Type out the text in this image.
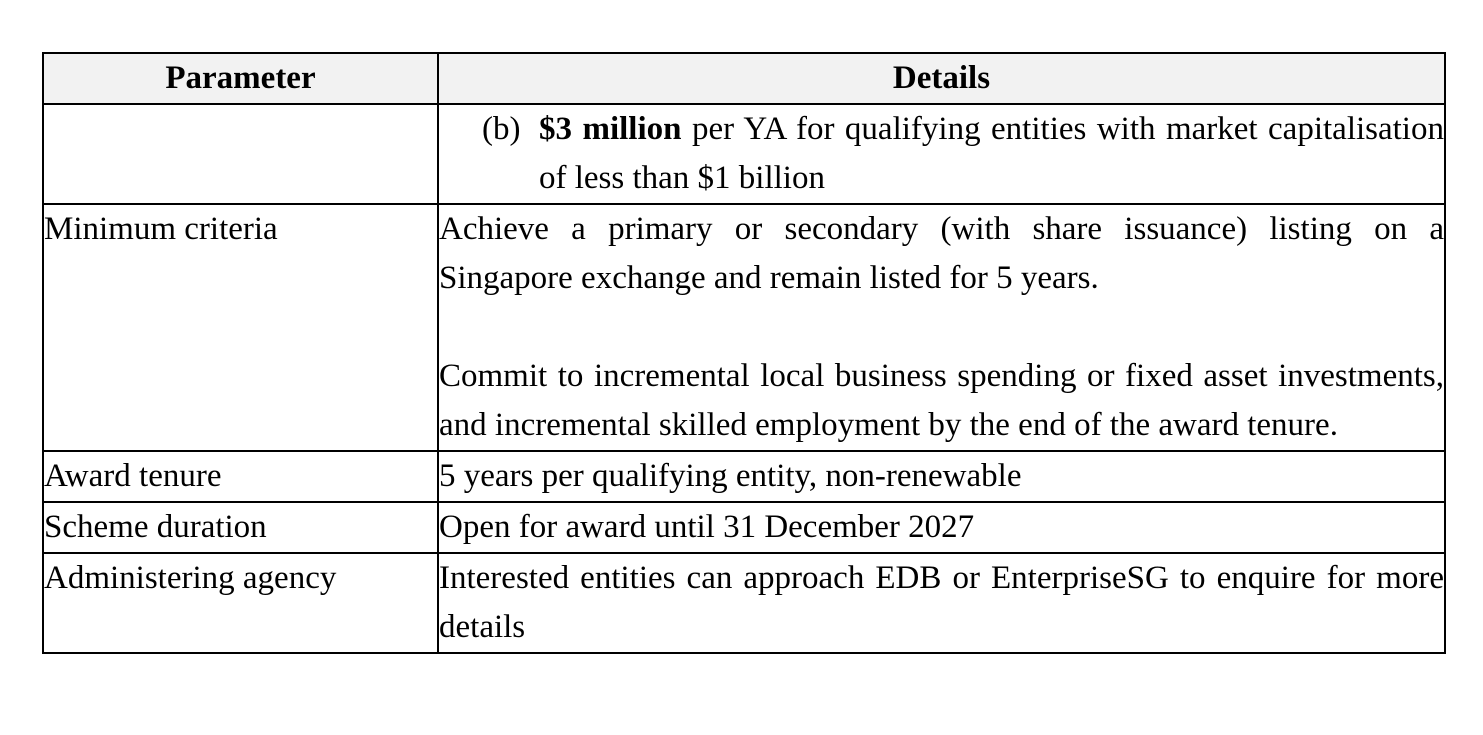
Parameter	Details

	(b) $3 million per YA for qualifying entities with market capitalisation of less than $1 billion

Minimum criteria	Achieve a primary or secondary (with share issuance) listing on a Singapore exchange and remain listed for 5 years.

Commit to incremental local business spending or fixed asset investments, and incremental skilled employment by the end of the award tenure.

Award tenure	5 years per qualifying entity, non-renewable
Scheme duration	Open for award until 31 December 2027
Administering agency	Interested entities can approach EDB or EnterpriseSG to enquire for more details
